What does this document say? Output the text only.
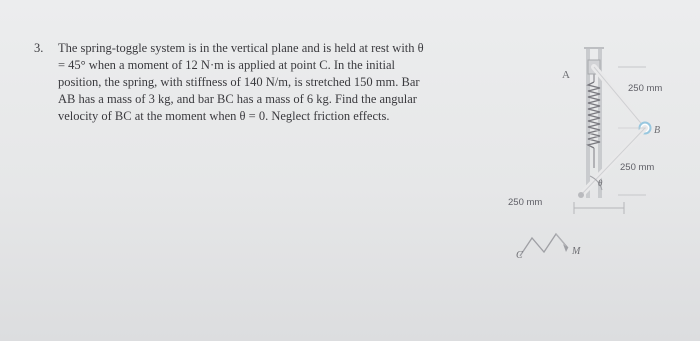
3. The spring-toggle system is in the vertical plane and is held at rest with θ
= 45° when a moment of 12 N·m is applied at point C. In the initial
position, the spring, with stiffness of 140 N/m, is stretched 150 mm. Bar
AB has a mass of 3 kg, and bar BC has a mass of 6 kg. Find the angular
velocity of BC at the moment when θ = 0. Neglect friction effects.
A
B
C	M
θ
250 mm
250 mm
250 mm
